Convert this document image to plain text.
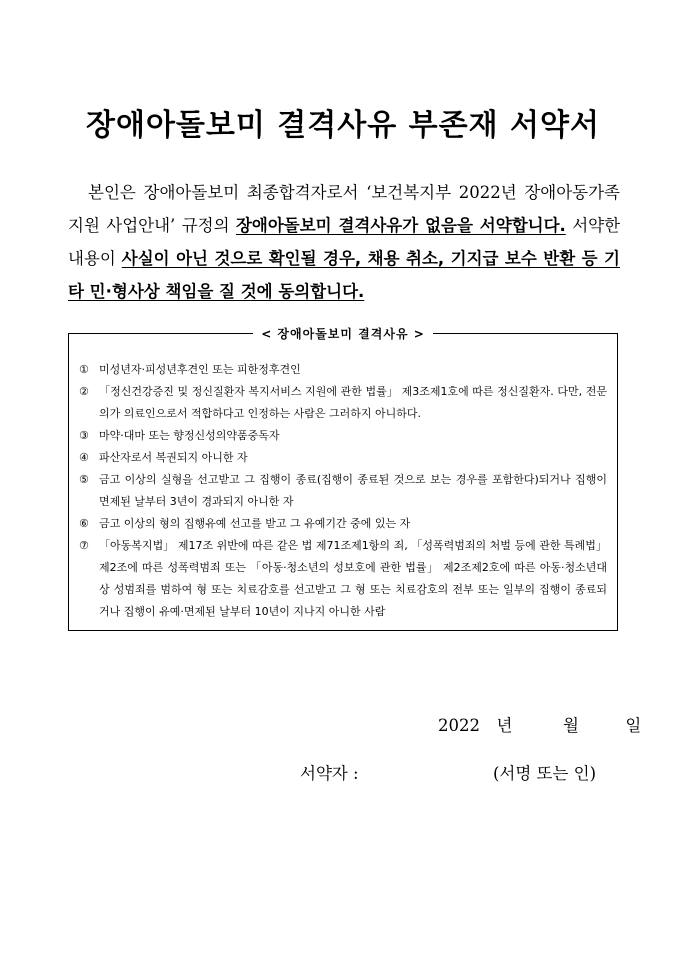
장애아돌보미 결격사유 부존재 서약서
본인은 장애아돌보미 최종합격자로서 ‘보건복지부 2022년 장애아동가족지원 사업안내’ 규정의 장애아돌보미 결격사유가 없음을 서약합니다. 서약한 내용이 사실이 아닌 것으로 확인될 경우, 채용 취소, 기지급 보수 반환 등 기타 민·형사상 책임을 질 것에 동의합니다.
< 장애아돌보미 결격사유 >
① 미성년자·피성년후견인 또는 피한정후견인
② 「정신건강증진 및 정신질환자 복지서비스 지원에 관한 법률」 제3조제1호에 따른 정신질환자. 다만, 전문의가 의료인으로서 적합하다고 인정하는 사람은 그러하지 아니하다.
③ 마약·대마 또는 향정신성의약품중독자
④ 파산자로서 복권되지 아니한 자
⑤ 금고 이상의 실형을 선고받고 그 집행이 종료(집행이 종료된 것으로 보는 경우를 포함한다)되거나 집행이 면제된 날부터 3년이 경과되지 아니한 자
⑥ 금고 이상의 형의 집행유예 선고를 받고 그 유예기간 중에 있는 자
⑦ 「아동복지법」 제17조 위반에 따른 같은 법 제71조제1항의 죄, 「성폭력범죄의 처벌 등에 관한 특례법」 제2조에 따른 성폭력범죄 또는 「아동·청소년의 성보호에 관한 법률」 제2조제2호에 따른 아동·청소년대상 성범죄를 범하여 형 또는 치료감호를 선고받고 그 형 또는 치료감호의 전부 또는 일부의 집행이 종료되거나 집행이 유예·면제된 날부터 10년이 지나지 아니한 사람
2022 년	월	일
서약자 :	(서명 또는 인)
